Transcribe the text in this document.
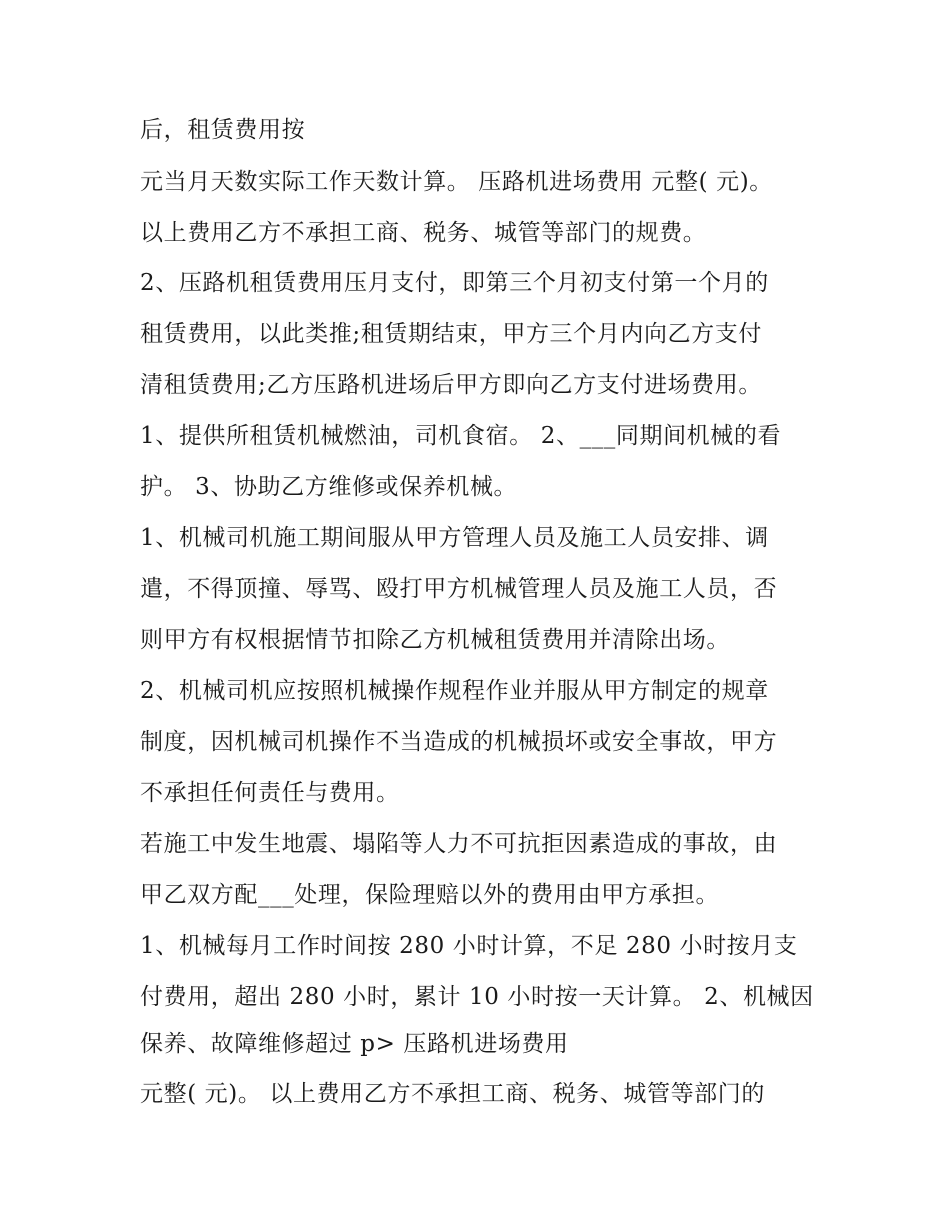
后，租赁费用按
元当月天数实际工作天数计算。 压路机进场费用 元整( 元)。
以上费用乙方不承担工商、税务、城管等部门的规费。
2、压路机租赁费用压月支付，即第三个月初支付第一个月的
租赁费用，以此类推;租赁期结束，甲方三个月内向乙方支付
清租赁费用;乙方压路机进场后甲方即向乙方支付进场费用。
1、提供所租赁机械燃油，司机食宿。 2、___同期间机械的看
护。 3、协助乙方维修或保养机械。
1、机械司机施工期间服从甲方管理人员及施工人员安排、调
遣，不得顶撞、辱骂、殴打甲方机械管理人员及施工人员，否
则甲方有权根据情节扣除乙方机械租赁费用并清除出场。
2、机械司机应按照机械操作规程作业并服从甲方制定的规章
制度，因机械司机操作不当造成的机械损坏或安全事故，甲方
不承担任何责任与费用。
若施工中发生地震、塌陷等人力不可抗拒因素造成的事故，由
甲乙双方配___处理，保险理赔以外的费用由甲方承担。
1、机械每月工作时间按 280 小时计算，不足 280 小时按月支
付费用，超出 280 小时，累计 10 小时按一天计算。 2、机械因
保养、故障维修超过 p> 压路机进场费用
元整( 元)。 以上费用乙方不承担工商、税务、城管等部门的
